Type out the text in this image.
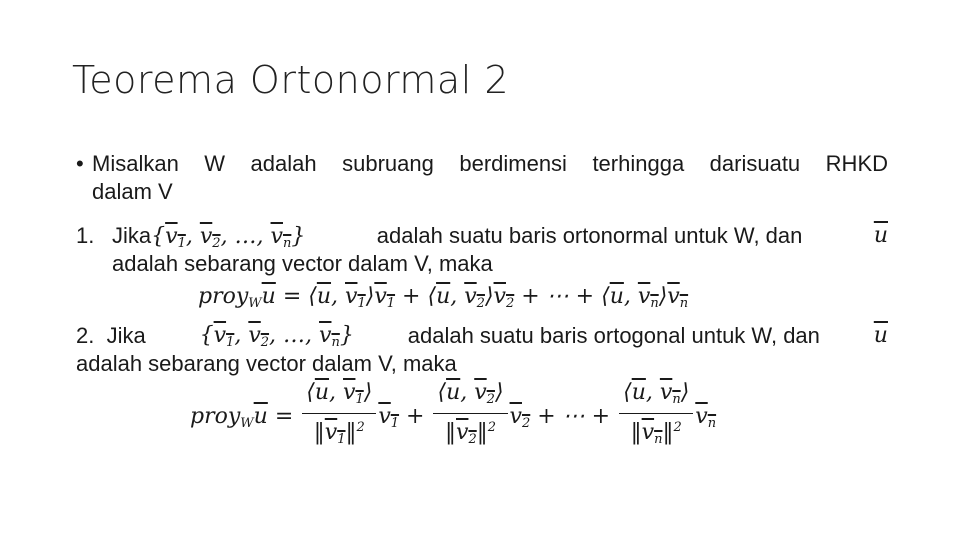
Teorema Ortonormal 2
• Misalkan W adalah subruang berdimensi terhingga darisuatu RHKD
dalam V
1. $Jika\{v_1$, $v_2$, …, $v_n$}	adalah suatu baris ortonormal untuk W, dan	$\overline{u}$
adalah sebarang vector dalam V, maka
$proy_W\overline{u}$ = $⟨\overline{u}$, $v_1⟩v_1$ + $⟨\overline{u}$, $v_2⟩v_2$ + ⋯ + $⟨\overline{u}$, $v_n⟩v_n$
2. Jika {$v_1$, $v_2$, …, $v_n$} adalah suatu baris ortogonal untuk W, dan $\overline{u}$
adalah sebarang vector dalam V, maka
$proy_W\overline{u} = \frac{⟨\overline{u}, v_1⟩}{‖v_1‖^2} v_1 + \frac{⟨\overline{u}, v_2⟩}{‖v_2‖^2} v_2$ + ⋯ + $\frac{⟨\overline{u}, v_n⟩}{‖v_n‖^2} v_n$
